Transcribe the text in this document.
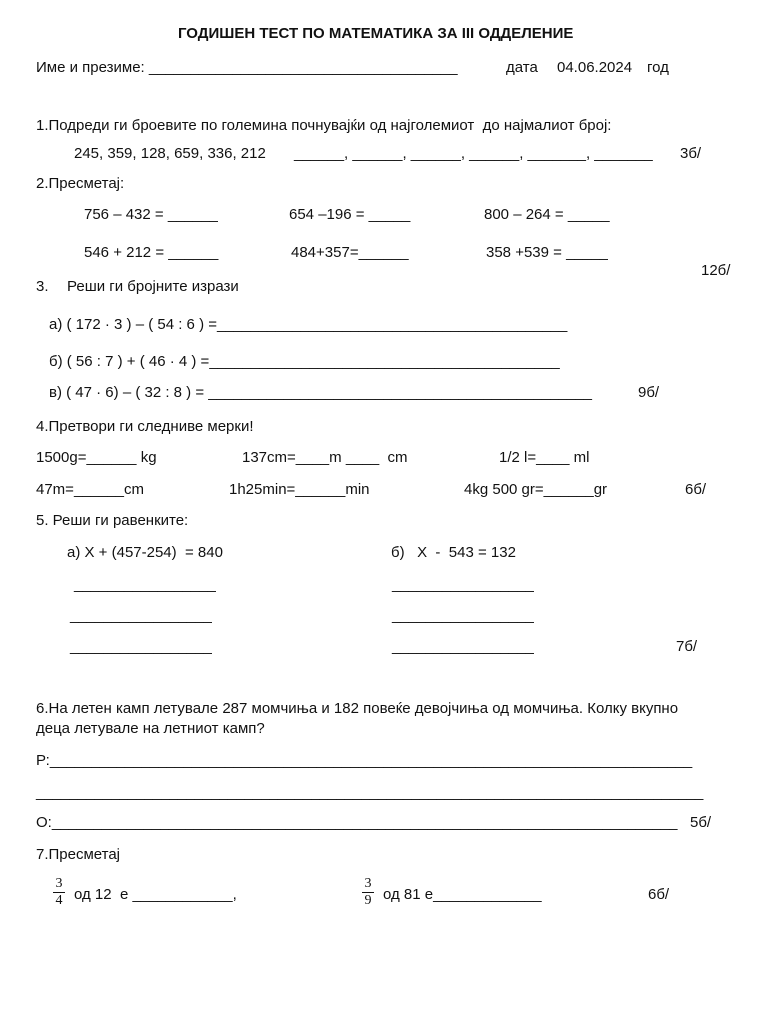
ГОДИШЕН ТЕСТ ПО МАТЕМАТИКА ЗА III ОДДЕЛЕНИЕ
Име и презиме: _____________________________________	дата 04.06.2024 год
1.Подреди ги броевите по големина почнувајќи од најголемиот  до најмалиот број:
245, 359, 128, 659, 336, 212 ______, ______, ______, ______, _______, _______ 3б/
2.Пресметај:
756 – 432 = ______	654 –196 = _____	800 – 264 = _____
546 + 212 = ______	484+357=______	358 +539 = _____
12б/
3. Реши ги бројните изрази
а) ( 172 · 3 ) – ( 54 : 6 ) =__________________________________________
б) ( 56 : 7 ) + ( 46 · 4 ) =__________________________________________
в) ( 47 · 6) – ( 32 : 8 ) = ______________________________________________	9б/
4.Претвори ги следниве мерки!
1500g=______ kg	137cm=____m ____  cm	1/2 l=____ ml
47m=______cm	1h25min=______min	4kg 500 gr=______gr	6б/
5. Реши ги равенките:
а) X + (457-254)  = 840	б)   X  -  543 = 132
_________________	_________________
_________________	_________________
_________________	_________________	7б/
6.На летен камп летувале 287 момчиња и 182 повеќе девојчиња од момчиња. Колку вкупно
деца летувале на летниот камп?
Р:_____________________________________________________________________________
________________________________________________________________________________
О:___________________________________________________________________________ 5б/
7.Пресметај
3
4 од 12  е ____________,
3
9 од 81 е_____________	6б/
